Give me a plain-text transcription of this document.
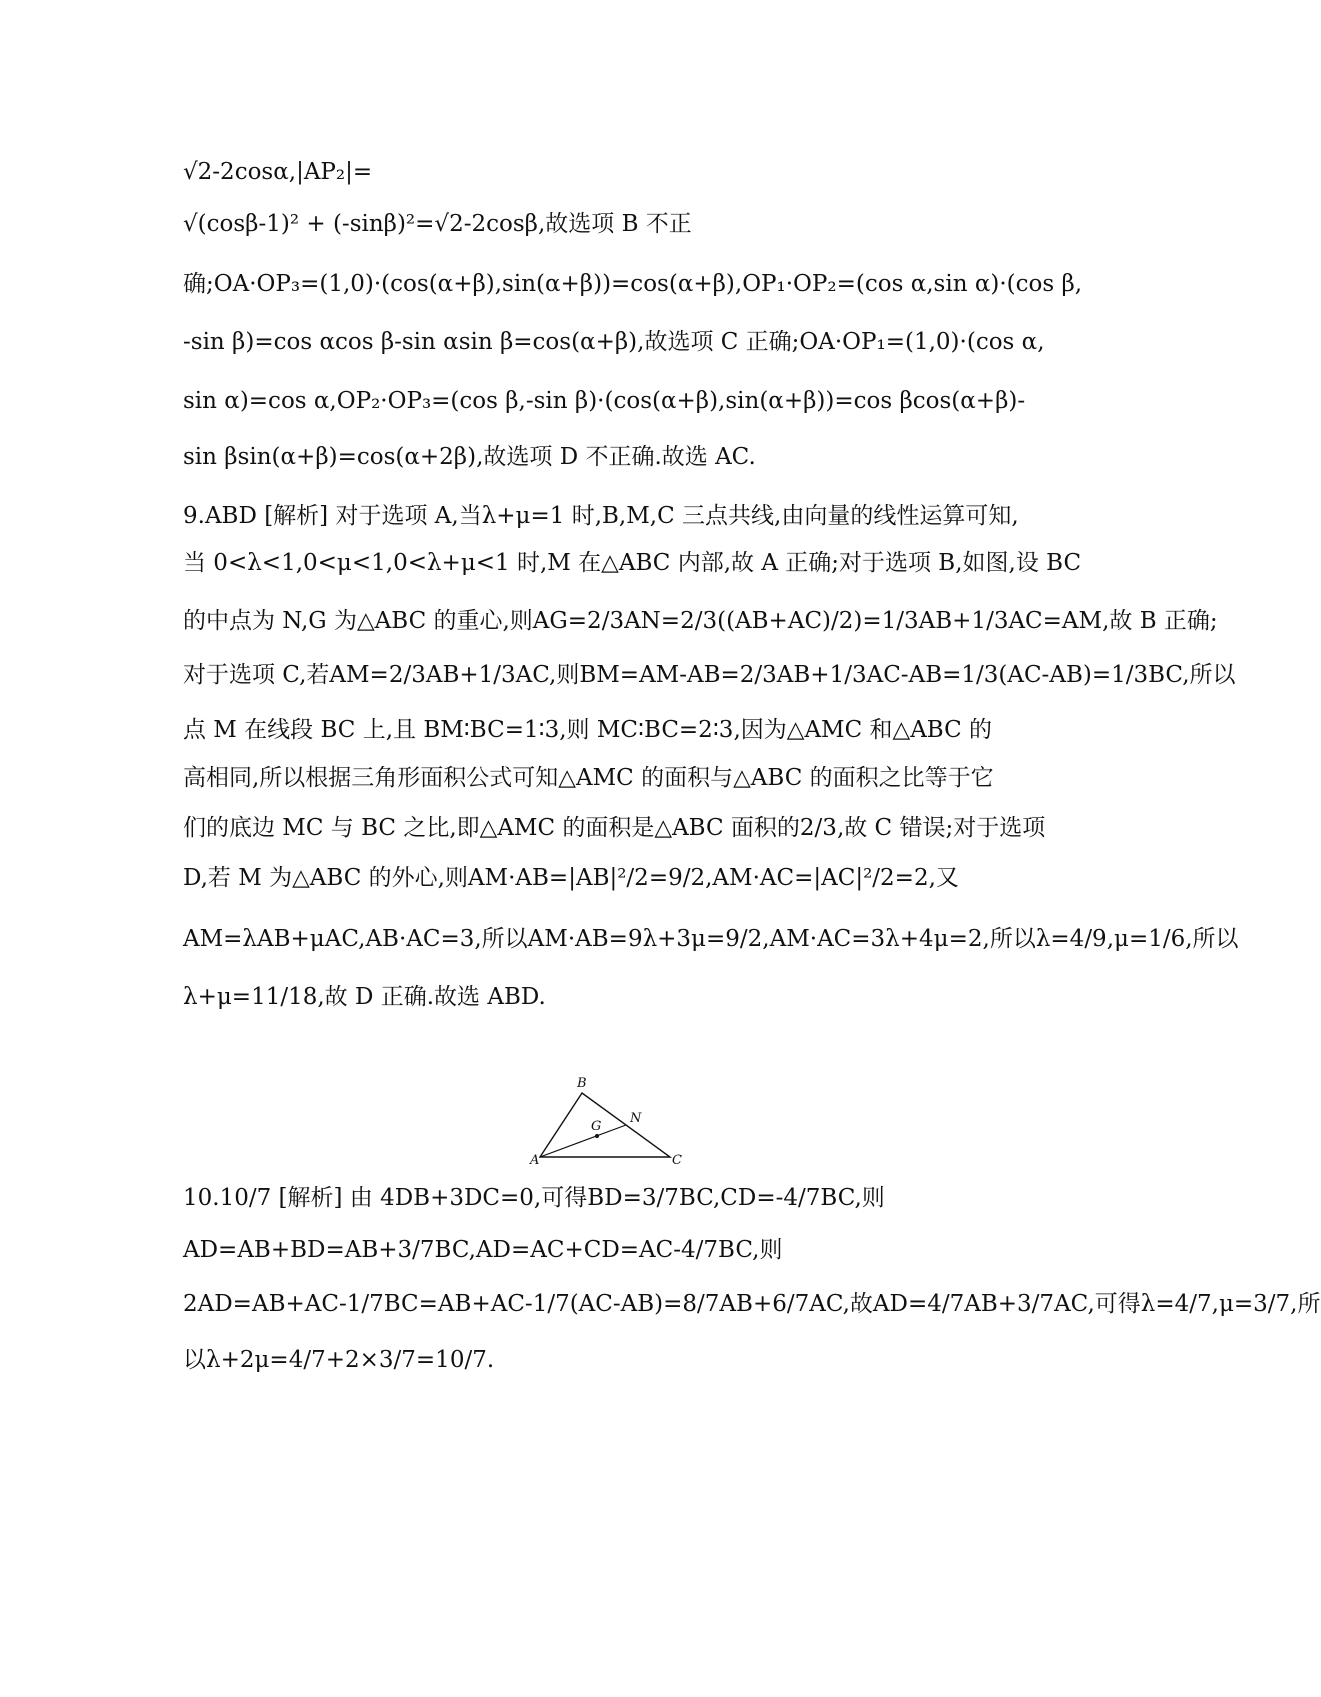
√2-2cosα,|AP₂|=
√(cosβ-1)² + (-sinβ)²=√2-2cosβ,故选项 B 不正
确;OA·OP₃=(1,0)·(cos(α+β),sin(α+β))=cos(α+β),OP₁·OP₂=(cos α,sin α)·(cos β,
-sin β)=cos αcos β-sin αsin β=cos(α+β),故选项 C 正确;OA·OP₁=(1,0)·(cos α,
sin α)=cos α,OP₂·OP₃=(cos β,-sin β)·(cos(α+β),sin(α+β))=cos βcos(α+β)-
sin βsin(α+β)=cos(α+2β),故选项 D 不正确.故选 AC.
9.ABD [解析] 对于选项 A,当λ+μ=1 时,B,M,C 三点共线,由向量的线性运算可知,
当 0<λ<1,0<μ<1,0<λ+μ<1 时,M 在△ABC 内部,故 A 正确;对于选项 B,如图,设 BC
的中点为 N,G 为△ABC 的重心,则AG=2/3AN=2/3((AB+AC)/2)=1/3AB+1/3AC=AM,故 B 正确;
对于选项 C,若AM=2/3AB+1/3AC,则BM=AM-AB=2/3AB+1/3AC-AB=1/3(AC-AB)=1/3BC,所以
点 M 在线段 BC 上,且 BM∶BC=1∶3,则 MC∶BC=2∶3,因为△AMC 和△ABC 的
高相同,所以根据三角形面积公式可知△AMC 的面积与△ABC 的面积之比等于它
们的底边 MC 与 BC 之比,即△AMC 的面积是△ABC 面积的2/3,故 C 错误;对于选项
D,若 M 为△ABC 的外心,则AM·AB=|AB|²/2=9/2,AM·AC=|AC|²/2=2,又
AM=λAB+μAC,AB·AC=3,所以AM·AB=9λ+3μ=9/2,AM·AC=3λ+4μ=2,所以λ=4/9,μ=1/6,所以
λ+μ=11/18,故 D 正确.故选 ABD.
A
B
C
G
N
10.10/7 [解析] 由 4DB+3DC=0,可得BD=3/7BC,CD=-4/7BC,则
AD=AB+BD=AB+3/7BC,AD=AC+CD=AC-4/7BC,则
2AD=AB+AC-1/7BC=AB+AC-1/7(AC-AB)=8/7AB+6/7AC,故AD=4/7AB+3/7AC,可得λ=4/7,μ=3/7,所
以λ+2μ=4/7+2×3/7=10/7.
